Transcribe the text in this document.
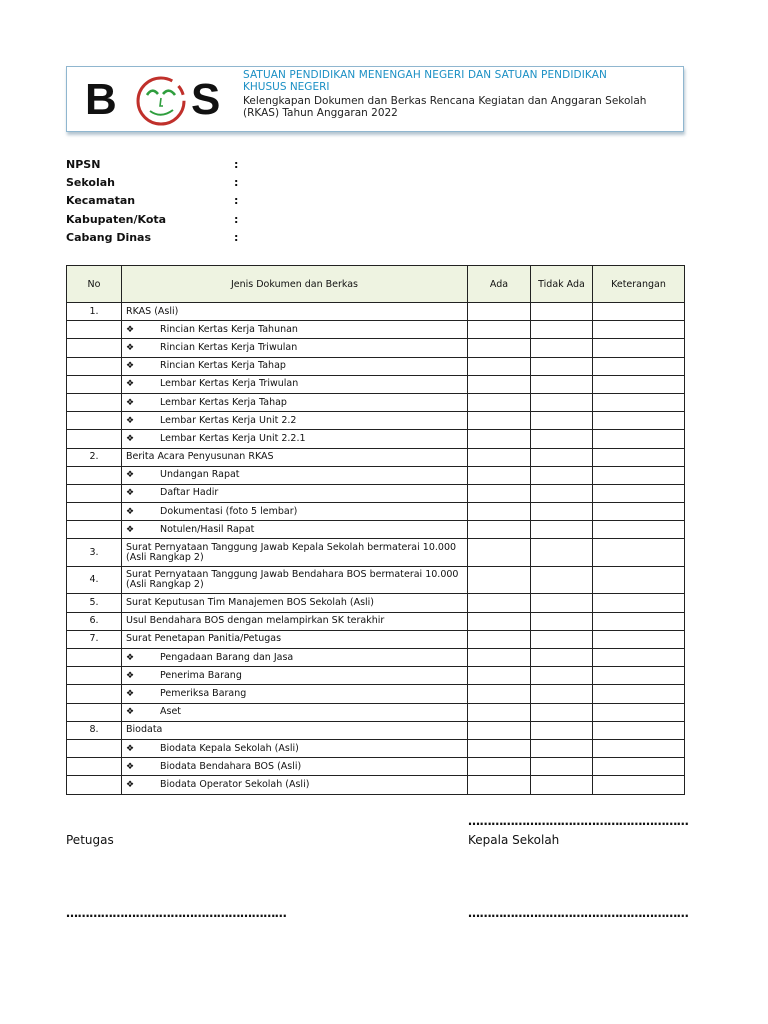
B S SATUAN PENDIDIKAN MENENGAH NEGERI DAN SATUAN PENDIDIKAN
KHUSUS NEGERI
Kelengkapan Dokumen dan Berkas Rencana Kegiatan dan Anggaran Sekolah
(RKAS) Tahun Anggaran 2022
NPSN	:
Sekolah	:
Kecamatan	:
Kabupaten/Kota	:
Cabang Dinas	:
No	Jenis Dokumen dan Berkas	Ada	Tidak Ada	Keterangan
1.	RKAS (Asli)			
	❖ Rincian Kertas Kerja Tahunan			
	❖ Rincian Kertas Kerja Triwulan			
	❖ Rincian Kertas Kerja Tahap			
	❖ Lembar Kertas Kerja Triwulan			
	❖ Lembar Kertas Kerja Tahap			
	❖ Lembar Kertas Kerja Unit 2.2			
	❖ Lembar Kertas Kerja Unit 2.2.1			
2.	Berita Acara Penyusunan RKAS			
	❖ Undangan Rapat			
	❖ Daftar Hadir			
	❖ Dokumentasi (foto 5 lembar)			
	❖ Notulen/Hasil Rapat			
3.	Surat Pernyataan Tanggung Jawab Kepala Sekolah bermaterai 10.000 (Asli Rangkap 2)			
4.	Surat Pernyataan Tanggung Jawab Bendahara BOS bermaterai 10.000 (Asli Rangkap 2)			
5.	Surat Keputusan Tim Manajemen BOS Sekolah (Asli)			
6.	Usul Bendahara BOS dengan melampirkan SK terakhir			
7.	Surat Penetapan Panitia/Petugas			
	❖ Pengadaan Barang dan Jasa			
	❖ Penerima Barang			
	❖ Pemeriksa Barang			
	❖ Aset			
8.	Biodata			
	❖ Biodata Kepala Sekolah (Asli)			
	❖ Biodata Bendahara BOS (Asli)			
	❖ Biodata Operator Sekolah (Asli)			
…………………………………………………
Petugas	Kepala Sekolah
…………………………………………………	…………………………………………………
